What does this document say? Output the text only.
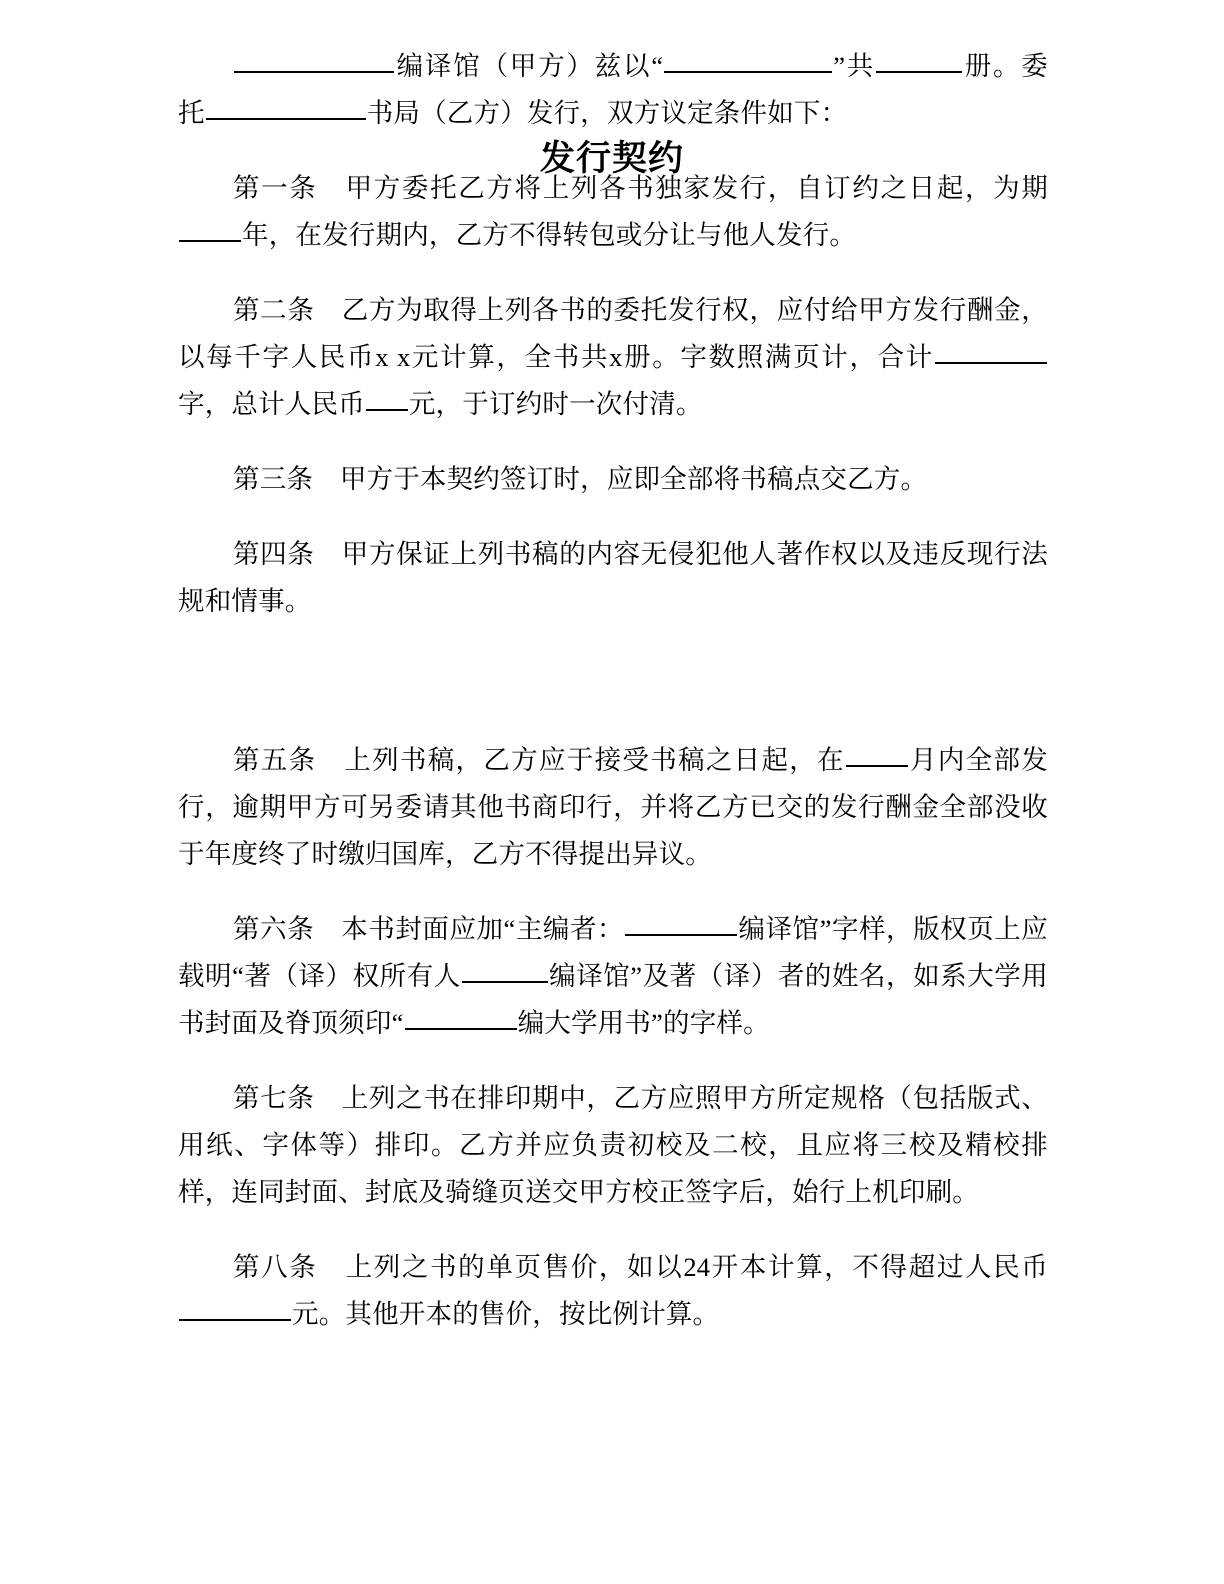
发行契约

编译馆（甲方）兹以“	”共	册。委托	书局（乙方）发行，双方议定条件如下：

第一条 甲方委托乙方将上列各书独家发行，自订约之日起，为期年，在发行期内，乙方不得转包或分让与他人发行。

第二条 乙方为取得上列各书的委托发行权，应付给甲方发行酬金，以每千字人民币x x元计算，全书共x册。字数照满页计，合计字，总计人民币 元，于订约时一次付清。

第三条 甲方于本契约签订时，应即全部将书稿点交乙方。

第四条 甲方保证上列书稿的内容无侵犯他人著作权以及违反现行法规和情事。

第五条 上列书稿，乙方应于接受书稿之日起，在 月内全部发行，逾期甲方可另委请其他书商印行，并将乙方已交的发行酬金全部没收于年度终了时缴归国库，乙方不得提出异议。

第六条 本书封面应加“主编者：	编译馆”字样，版权页上应载明“著（译）权所有人	编译馆”及著（译）者的姓名，如系大学用书封面及脊顶须印“	编大学用书”的字样。

第七条 上列之书在排印期中，乙方应照甲方所定规格（包括版式、用纸、字体等）排印。乙方并应负责初校及二校，且应将三校及精校排样，连同封面、封底及骑缝页送交甲方校正签字后，始行上机印刷。

第八条 上列之书的单页售价，如以24开本计算，不得超过人民币元。其他开本的售价，按比例计算。
